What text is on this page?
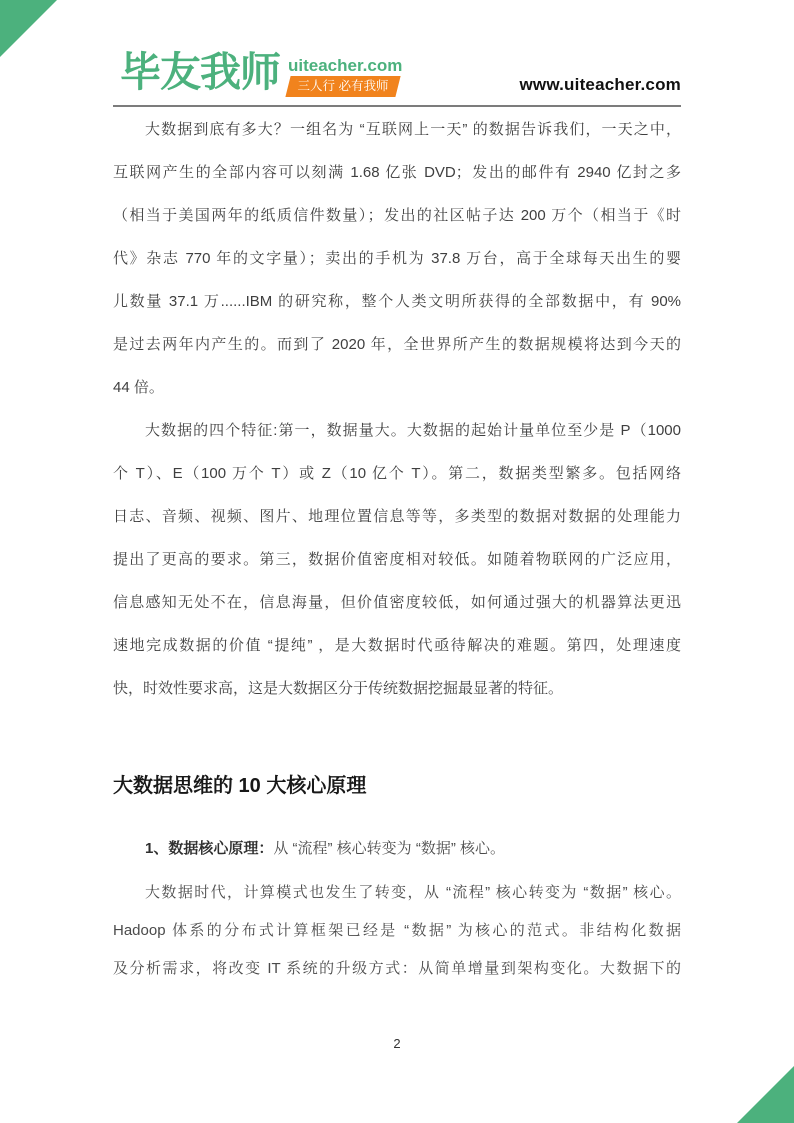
毕友我师 uiteacher.com
三人行 必有我师	www.uiteacher.com
大数据到底有多大？一组名为 “互联网上一天” 的数据告诉我们，一天之中，
互联网产生的全部内容可以刻满 1.68 亿张 DVD；发出的邮件有 2940 亿封之多
（相当于美国两年的纸质信件数量）；发出的社区帖子达 200 万个（相当于《时
代》杂志 770 年的文字量）；卖出的手机为 37.8 万台，高于全球每天出生的婴
儿数量 37.1 万......IBM 的研究称，整个人类文明所获得的全部数据中，有 90%
是过去两年内产生的。而到了 2020 年，全世界所产生的数据规模将达到今天的
44 倍。
大数据的四个特征:第一，数据量大。大数据的起始计量单位至少是 P（1000
个 T）、E（100 万个 T）或 Z（10 亿个 T）。第二，数据类型繁多。包括网络
日志、音频、视频、图片、地理位置信息等等，多类型的数据对数据的处理能力
提出了更高的要求。第三，数据价值密度相对较低。如随着物联网的广泛应用，
信息感知无处不在，信息海量，但价值密度较低，如何通过强大的机器算法更迅
速地完成数据的价值 “提纯” ，是大数据时代亟待解决的难题。第四，处理速度
快，时效性要求高，这是大数据区分于传统数据挖掘最显著的特征。
大数据思维的 10 大核心原理
1、数据核心原理：从 “流程” 核心转变为 “数据” 核心。
大数据时代，计算模式也发生了转变，从 “流程” 核心转变为 “数据” 核心。
Hadoop 体系的分布式计算框架已经是 “数据” 为核心的范式。非结构化数据
及分析需求，将改变 IT 系统的升级方式：从简单增量到架构变化。大数据下的
2
